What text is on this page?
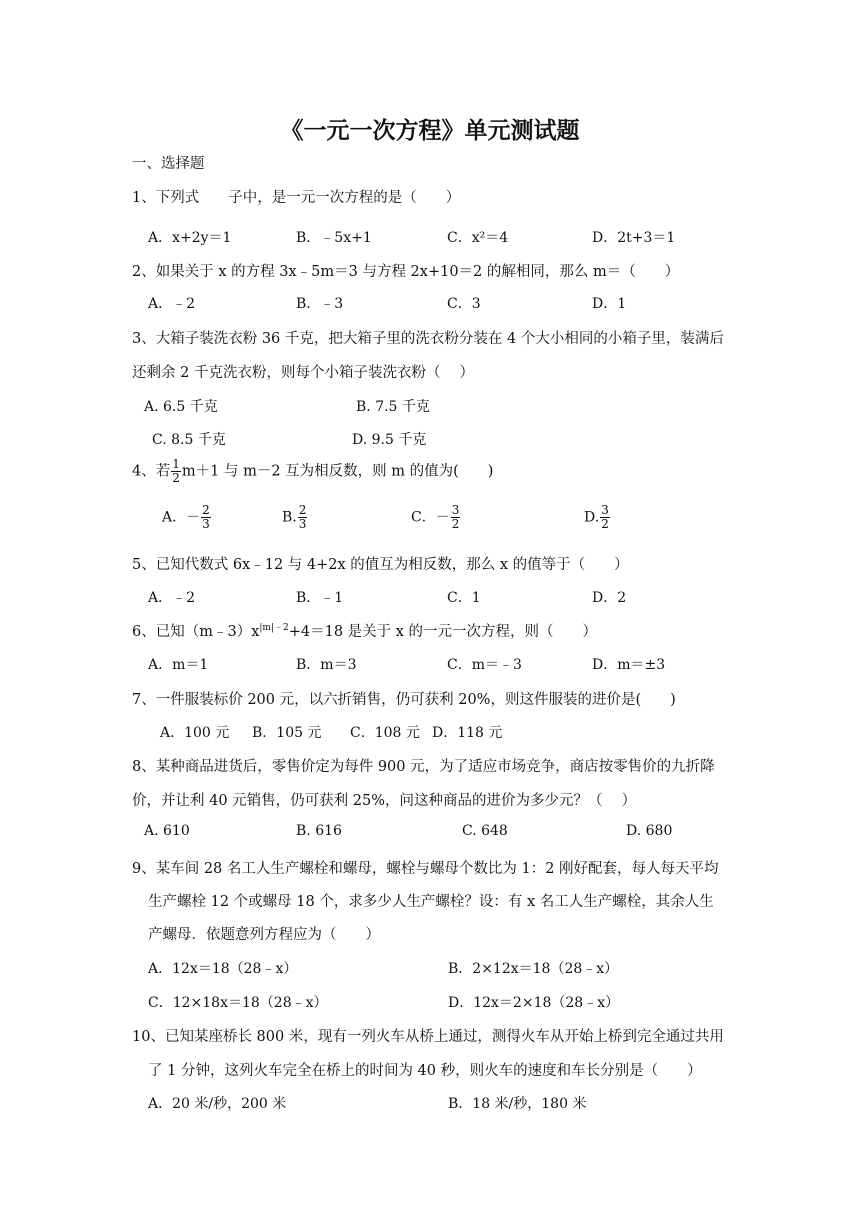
《一元一次方程》单元测试题
一、选择题
1、下列式　　子中，是一元一次方程的是（　　）
A．x+2y＝1	B．﹣5x+1	C．x²＝4	D．2t+3＝1
2、如果关于 x 的方程 3x﹣5m＝3 与方程 2x+10＝2 的解相同，那么 m＝（　　）
A．﹣2	B．﹣3	C．3	D．1
3、大箱子装洗衣粉 36 千克，把大箱子里的洗衣粉分装在 4 个大小相同的小箱子里，装满后
还剩余 2 千克洗衣粉，则每个小箱子装洗衣粉（　 ）
A. 6.5 千克	B. 7.5 千克
C. 8.5 千克	D. 9.5 千克
4、若 $\frac{1}{2} m+1$ 与 m－2 互为相反数，则 m 的值为(　　)
A．－ $\frac{2}{3}$	B. $\frac{2}{3}$	C．－ $\frac{3}{2}$	D. $\frac{3}{2}$
5、已知代数式 6x﹣12 与 4+2x 的值互为相反数，那么 x 的值等于（　　）
A．﹣2	B．﹣1	C．1	D．2
6、已知$(m﹣3)x^{|m|﹣2}+4=18$ 是关于 x 的一元一次方程，则（　　）
A．m＝1	B．m＝3	C．m＝﹣3	D．m＝±3
7、一件服装标价 200 元，以六折销售，仍可获利 20%，则这件服装的进价是(　　)
A．100 元 B．105 元 C．108 元 D．118 元
8、某种商品进货后，零售价定为每件 900 元，为了适应市场竞争，商店按零售价的九折降
价，并让利 40 元销售，仍可获利 25%，问这种商品的进价为多少元？（　 ）
A. 610	B. 616	C. 648	D. 680
9、某车间 28 名工人生产螺栓和螺母，螺栓与螺母个数比为 1：2 刚好配套，每人每天平均
生产螺栓 12 个或螺母 18 个，求多少人生产螺栓？设：有 x 名工人生产螺栓，其余人生
产螺母．依题意列方程应为（　　）
A．12x＝18（28﹣x）	B．2×12x＝18（28﹣x）
C．12×18x＝18（28﹣x）	D．12x＝2×18（28﹣x）
10、已知某座桥长 800 米，现有一列火车从桥上通过，测得火车从开始上桥到完全通过共用
了 1 分钟，这列火车完全在桥上的时间为 40 秒，则火车的速度和车长分别是（　　）
A．20 米/秒，200 米	B．18 米/秒，180 米
